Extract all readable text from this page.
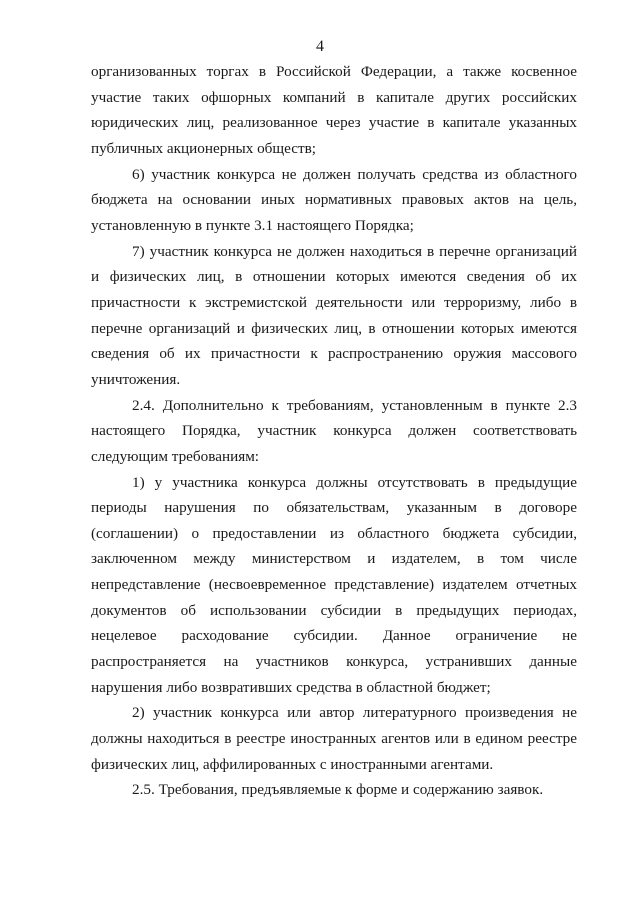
4

организованных торгах в Российской Федерации, а также косвенное участие таких офшорных компаний в капитале других российских юридических лиц, реализованное через участие в капитале указанных публичных акционерных обществ;

6) участник конкурса не должен получать средства из областного бюджета на основании иных нормативных правовых актов на цель, установленную в пункте 3.1 настоящего Порядка;

7) участник конкурса не должен находиться в перечне организаций и физических лиц, в отношении которых имеются сведения об их причастности к экстремистской деятельности или терроризму, либо в перечне организаций и физических лиц, в отношении которых имеются сведения об их причастности к распространению оружия массового уничтожения.

2.4. Дополнительно к требованиям, установленным в пункте 2.3 настоящего Порядка, участник конкурса должен соответствовать следующим требованиям:

1) у участника конкурса должны отсутствовать в предыдущие периоды нарушения по обязательствам, указанным в договоре (соглашении) о предоставлении из областного бюджета субсидии, заключенном между министерством и издателем, в том числе непредставление (несвоевременное представление) издателем отчетных документов об использовании субсидии в предыдущих периодах, нецелевое расходование субсидии. Данное ограничение не распространяется на участников конкурса, устранивших данные нарушения либо возвративших средства в областной бюджет;

2) участник конкурса или автор литературного произведения не должны находиться в реестре иностранных агентов или в едином реестре физических лиц, аффилированных с иностранными агентами.

2.5. Требования, предъявляемые к форме и содержанию заявок.
